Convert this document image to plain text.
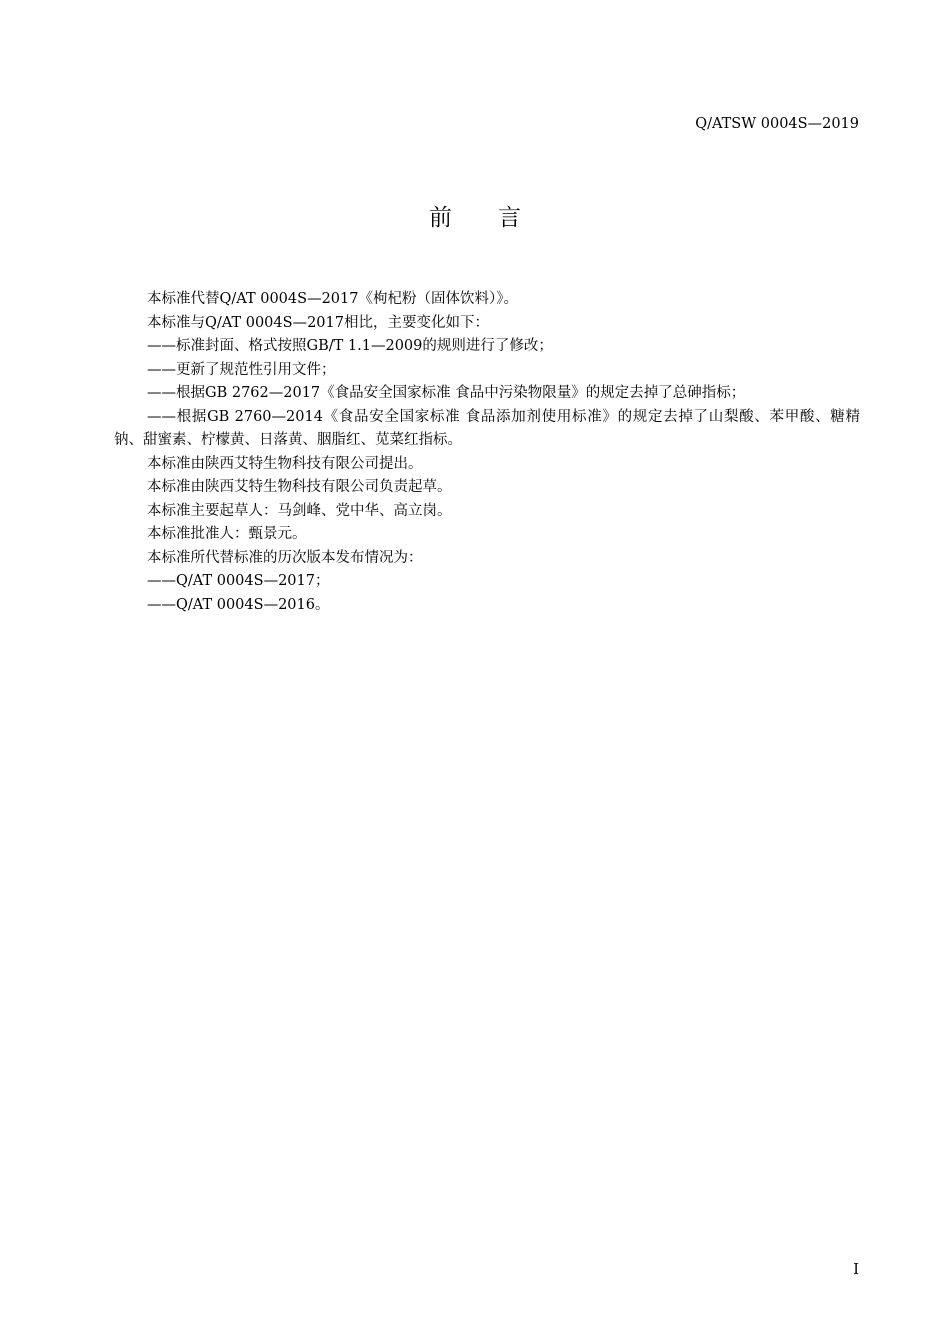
Q/ATSW 0004S—2019
前 言

本标准代替Q/AT 0004S—2017《枸杞粉（固体饮料）》。

本标准与Q/AT 0004S—2017相比，主要变化如下：

——标准封面、格式按照GB/T 1.1—2009的规则进行了修改；

——更新了规范性引用文件；

——根据GB 2762—2017《食品安全国家标准 食品中污染物限量》的规定去掉了总砷指标；

——根据GB 2760—2014《食品安全国家标准 食品添加剂使用标准》的规定去掉了山梨酸、苯甲酸、糖精钠、甜蜜素、柠檬黄、日落黄、胭脂红、苋菜红指标。

本标准由陕西艾特生物科技有限公司提出。

本标准由陕西艾特生物科技有限公司负责起草。

本标准主要起草人：马剑峰、党中华、高立岗。

本标准批准人：甄景元。

本标准所代替标准的历次版本发布情况为：

——Q/AT 0004S—2017；

——Q/AT 0004S—2016。

I
